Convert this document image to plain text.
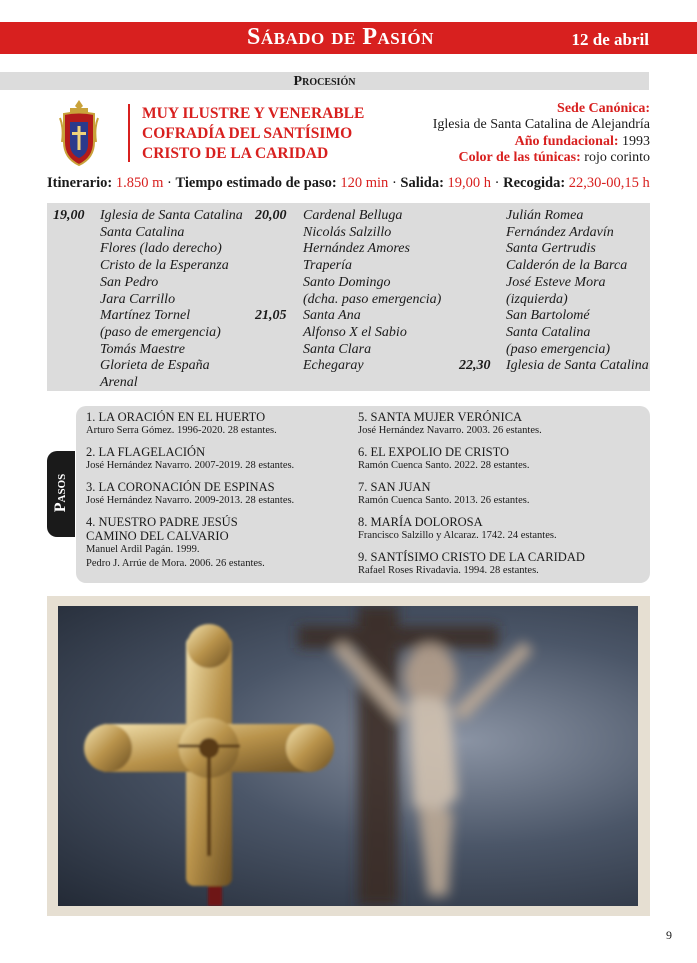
Sábado de Pasión	12 de abril
Procesión
MUY ILUSTRE Y VENERABLE
COFRADÍA DEL SANTÍSIMO
CRISTO DE LA CARIDAD
Sede Canónica:
Iglesia de Santa Catalina de Alejandría
Año fundacional: 1993
Color de las túnicas: rojo corinto
Itinerario: 1.850 m · Tiempo estimado de paso: 120 min · Salida: 19,00 h · Recogida: 22,30-00,15 h
19,00 Iglesia de Santa Catalina
Santa Catalina
Flores (lado derecho)
Cristo de la Esperanza
San Pedro
Jara Carrillo
Martínez Tornel
(paso de emergencia)
Tomás Maestre
Glorieta de España
Arenal
20,00
21,05
Cardenal Belluga
Nicolás Salzillo
Hernández Amores
Trapería
Santo Domingo
(dcha. paso emergencia)
Santa Ana
Alfonso X el Sabio
Santa Clara
Echegaray	22,30
Julián Romea
Fernández Ardavín
Santa Gertrudis
Calderón de la Barca
José Esteve Mora
(izquierda)
San Bartolomé
Santa Catalina
(paso emergencia)
Iglesia de Santa Catalina
Pasos
1. LA ORACIÓN EN EL HUERTO
Arturo Serra Gómez. 1996-2020. 28 estantes.
2. LA FLAGELACIÓN
José Hernández Navarro. 2007-2019. 28 estantes.
3. LA CORONACIÓN DE ESPINAS
José Hernández Navarro. 2009-2013. 28 estantes.
4. NUESTRO PADRE JESÚS
CAMINO DEL CALVARIO
Manuel Ardil Pagán. 1999.
Pedro J. Arrúe de Mora. 2006. 26 estantes.
5. SANTA MUJER VERÓNICA
José Hernández Navarro. 2003. 26 estantes.
6. EL EXPOLIO DE CRISTO
Ramón Cuenca Santo. 2022. 28 estantes.
7. SAN JUAN
Ramón Cuenca Santo. 2013. 26 estantes.
8. MARÍA DOLOROSA
Francisco Salzillo y Alcaraz. 1742. 24 estantes.
9. SANTÍSIMO CRISTO DE LA CARIDAD
Rafael Roses Rivadavia. 1994. 28 estantes.
9
